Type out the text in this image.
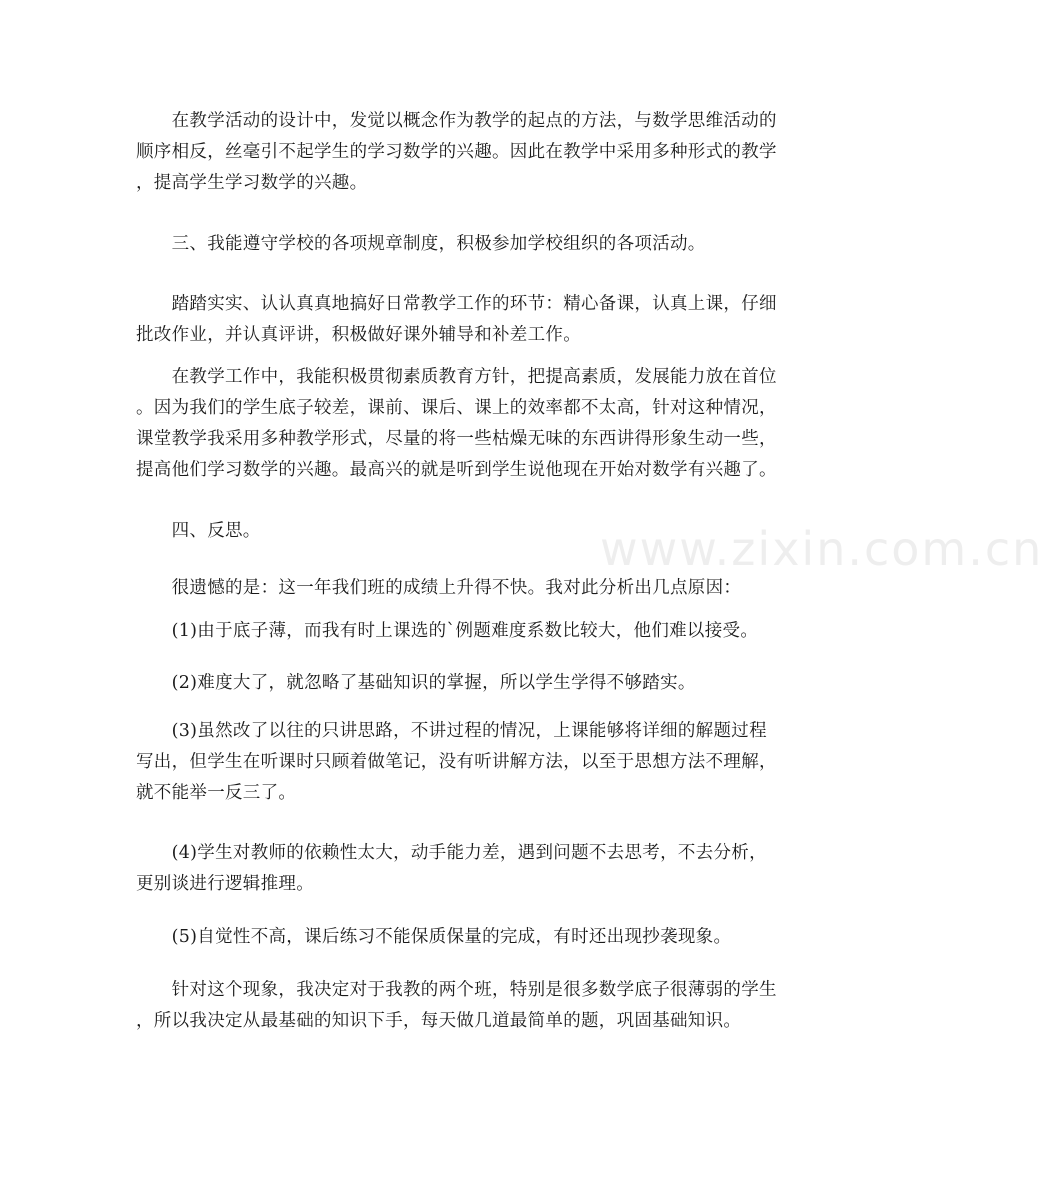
www.zixin.com.cn

　　在教学活动的设计中，发觉以概念作为教学的起点的方法，与数学思维活动的
顺序相反，丝毫引不起学生的学习数学的兴趣。因此在教学中采用多种形式的教学
，提高学生学习数学的兴趣。

　　三、我能遵守学校的各项规章制度，积极参加学校组织的各项活动。

　　踏踏实实、认认真真地搞好日常教学工作的环节：精心备课，认真上课，仔细
批改作业，并认真评讲，积极做好课外辅导和补差工作。

　　在教学工作中，我能积极贯彻素质教育方针，把提高素质，发展能力放在首位
。因为我们的学生底子较差，课前、课后、课上的效率都不太高，针对这种情况，
课堂教学我采用多种教学形式，尽量的将一些枯燥无味的东西讲得形象生动一些，
提高他们学习数学的兴趣。最高兴的就是听到学生说他现在开始对数学有兴趣了。

　　四、反思。

　　很遗憾的是：这一年我们班的成绩上升得不快。我对此分析出几点原因：

　　(1)由于底子薄，而我有时上课选的`例题难度系数比较大，他们难以接受。

　　(2)难度大了，就忽略了基础知识的掌握，所以学生学得不够踏实。

　　(3)虽然改了以往的只讲思路，不讲过程的情况，上课能够将详细的解题过程
写出，但学生在听课时只顾着做笔记，没有听讲解方法，以至于思想方法不理解，
就不能举一反三了。

　　(4)学生对教师的依赖性太大，动手能力差，遇到问题不去思考，不去分析，
更别谈进行逻辑推理。

　　(5)自觉性不高，课后练习不能保质保量的完成，有时还出现抄袭现象。

　　针对这个现象，我决定对于我教的两个班，特别是很多数学底子很薄弱的学生
，所以我决定从最基础的知识下手，每天做几道最简单的题，巩固基础知识。
